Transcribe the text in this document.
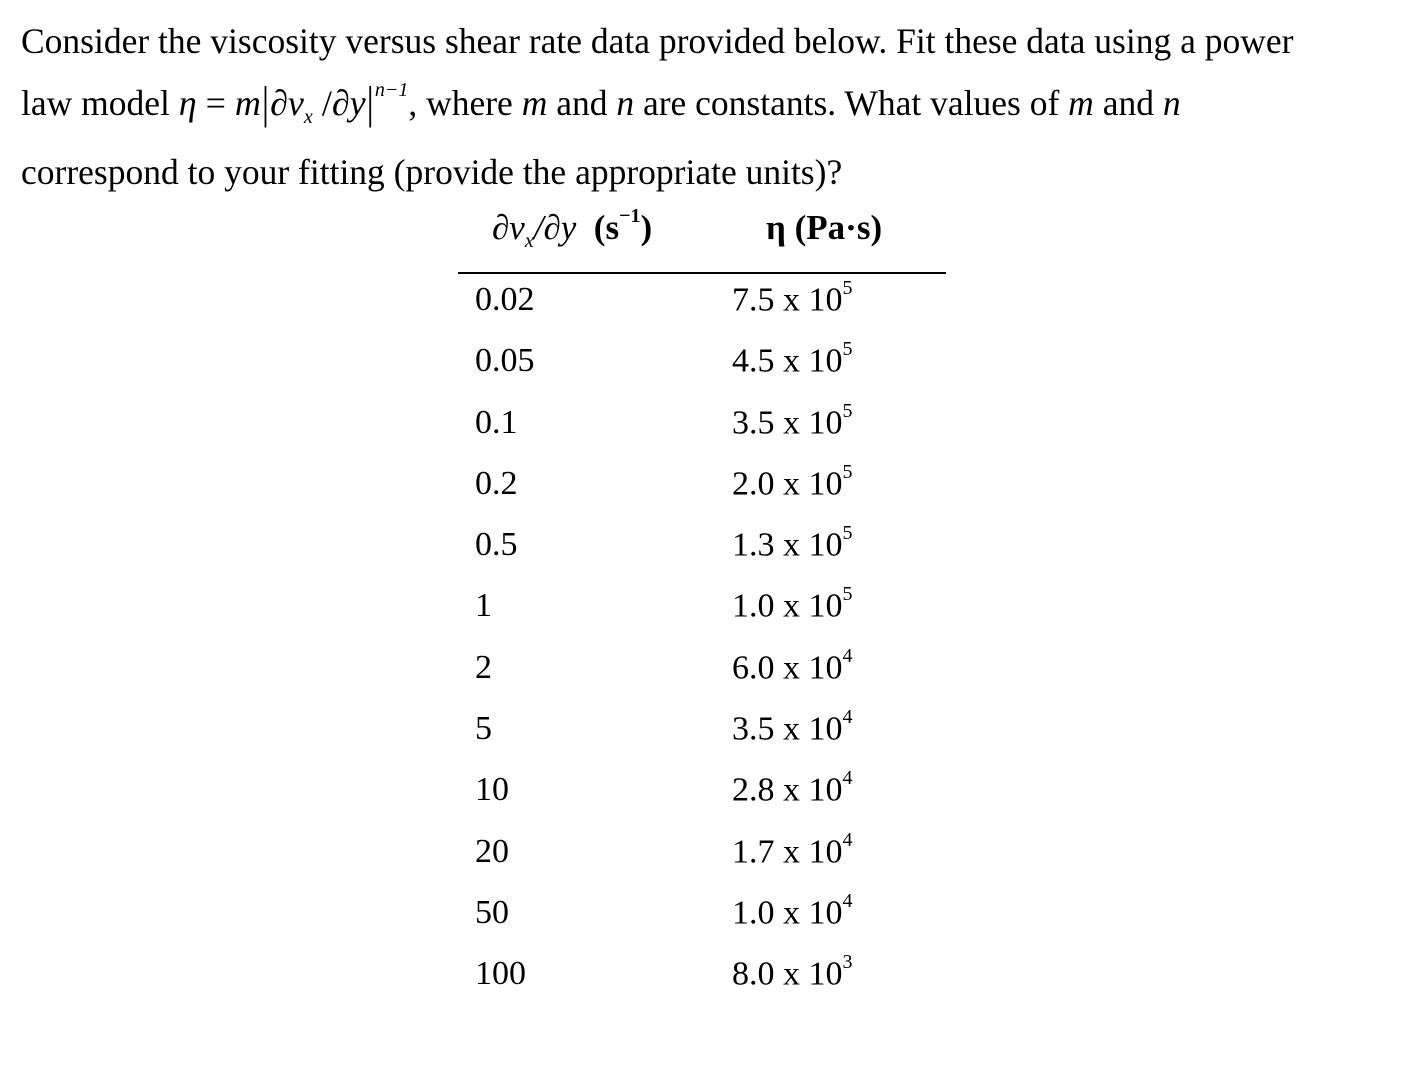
Consider the viscosity versus shear rate data provided below. Fit these data using a power
law model $\eta = m|\partial v_x$ $/\partial y|^{n-1}$, where m and n are constants. What values of m and n
correspond to your fitting (provide the appropriate units)?
$\partial v_x/\partial y$ $(s^{-1})$	η (Pa·s)
0.02	7.5 x $10^5$
0.05	4.5 x $10^5$
0.1	3.5 x $10^5$
0.2	2.0 x $10^5$
0.5	1.3 x $10^5$
1	1.0 x $10^5$
2	6.0 x $10^4$
5	3.5 x $10^4$
10	2.8 x $10^4$
20	1.7 x $10^4$
50	1.0 x $10^4$
100	8.0 x $10^3$
